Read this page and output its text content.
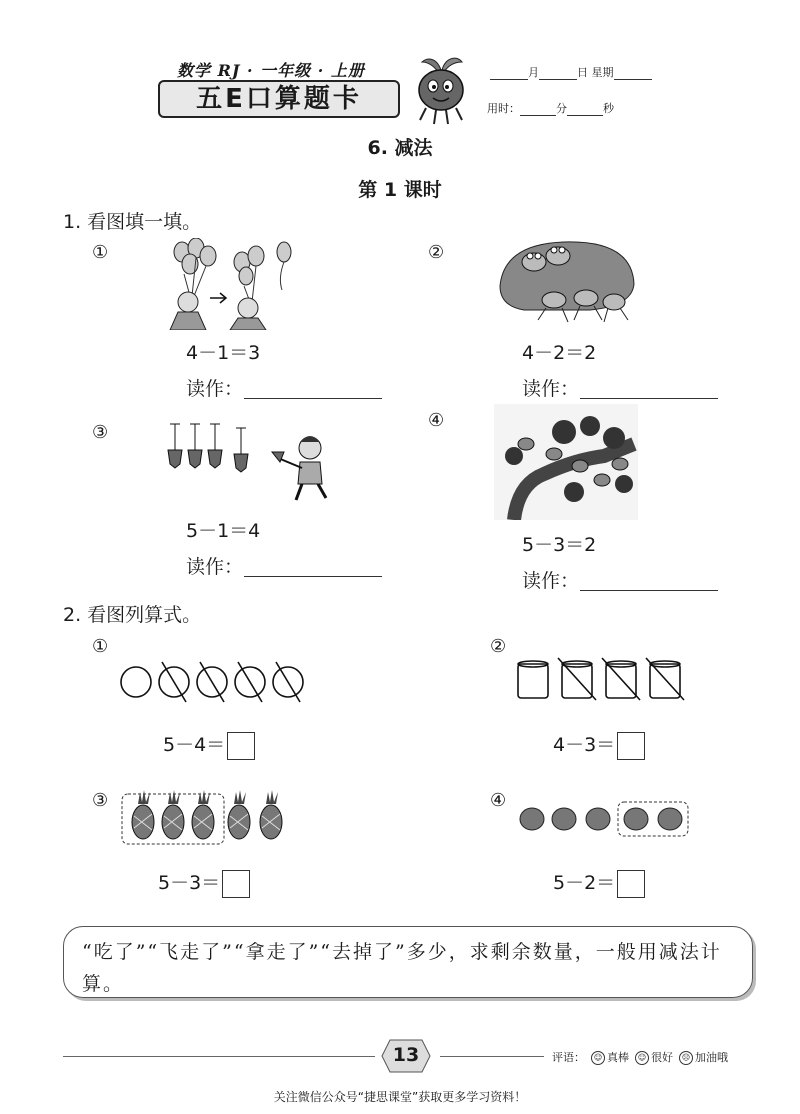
数学 RJ · 一年级 · 上册
五E口算题卡
月	日 星期
用时：	分	秒
6. 减法
第 1 课时
1. 看图填一填。
①
4－1＝3
读作：
②
4－2＝2
读作：
③
5－1＝4
读作：
④
5－3＝2
读作：
2. 看图列算式。
①
5－4＝
②
4－3＝
③
5－3＝
④
5－2＝
“吃了”“飞走了”“拿走了”“去掉了”多少，求剩余数量，一般用减法计算。
13	评语： ☺ 真棒 ☺ 很好 ☹ 加油哦
关注微信公众号“捷思课堂”获取更多学习资料！
